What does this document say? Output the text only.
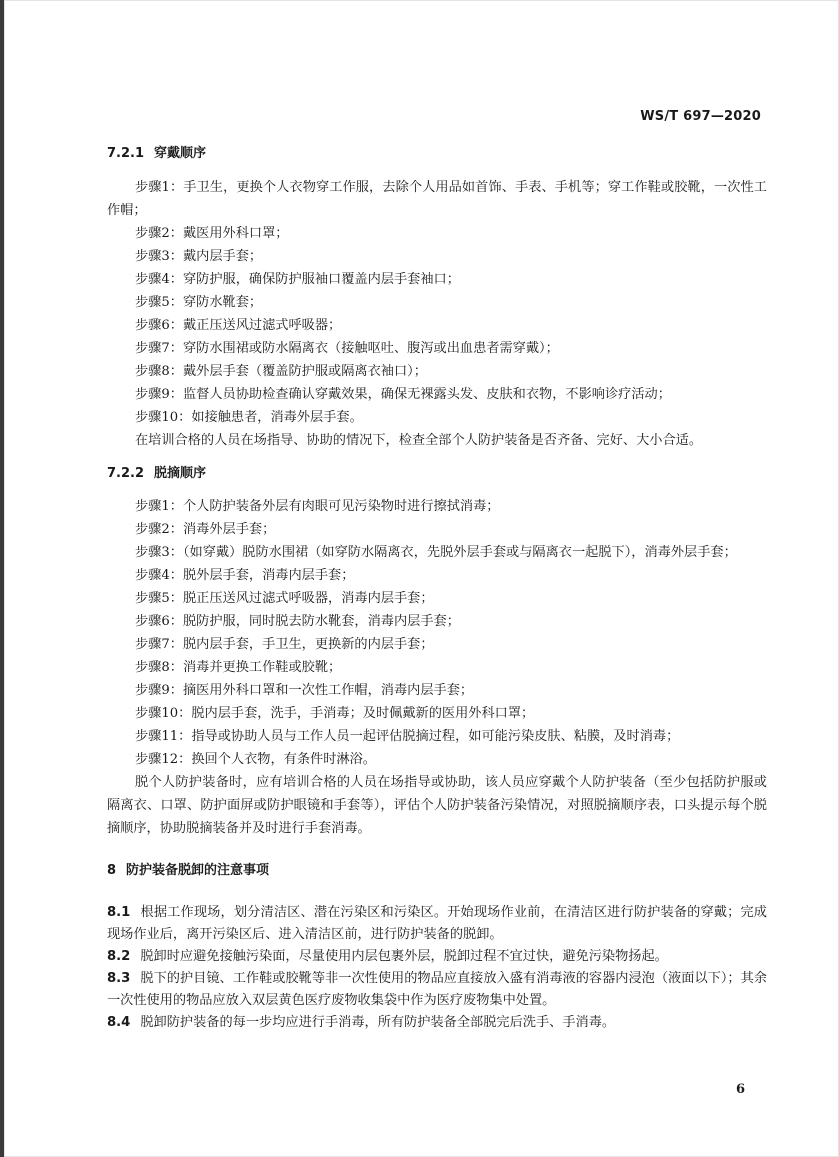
WS/T 697—2020
7.2.1 穿戴顺序
步骤1：手卫生，更换个人衣物穿工作服，去除个人用品如首饰、手表、手机等；穿工作鞋或胶靴，一次性工作帽；
步骤2：戴医用外科口罩；
步骤3：戴内层手套；
步骤4：穿防护服，确保防护服袖口覆盖内层手套袖口；
步骤5：穿防水靴套；
步骤6：戴正压送风过滤式呼吸器；
步骤7：穿防水围裙或防水隔离衣（接触呕吐、腹泻或出血患者需穿戴）；
步骤8：戴外层手套（覆盖防护服或隔离衣袖口）；
步骤9：监督人员协助检查确认穿戴效果，确保无裸露头发、皮肤和衣物，不影响诊疗活动；
步骤10：如接触患者，消毒外层手套。
在培训合格的人员在场指导、协助的情况下，检查全部个人防护装备是否齐备、完好、大小合适。
7.2.2 脱摘顺序
步骤1：个人防护装备外层有肉眼可见污染物时进行擦拭消毒；
步骤2：消毒外层手套；
步骤3：（如穿戴）脱防水围裙（如穿防水隔离衣，先脱外层手套或与隔离衣一起脱下），消毒外层手套；
步骤4：脱外层手套，消毒内层手套；
步骤5：脱正压送风过滤式呼吸器，消毒内层手套；
步骤6：脱防护服，同时脱去防水靴套，消毒内层手套；
步骤7：脱内层手套，手卫生，更换新的内层手套；
步骤8：消毒并更换工作鞋或胶靴；
步骤9：摘医用外科口罩和一次性工作帽，消毒内层手套；
步骤10：脱内层手套，洗手，手消毒；及时佩戴新的医用外科口罩；
步骤11：指导或协助人员与工作人员一起评估脱摘过程，如可能污染皮肤、粘膜，及时消毒；
步骤12：换回个人衣物，有条件时淋浴。
脱个人防护装备时，应有培训合格的人员在场指导或协助，该人员应穿戴个人防护装备（至少包括防护服或隔离衣、口罩、防护面屏或防护眼镜和手套等），评估个人防护装备污染情况，对照脱摘顺序表，口头提示每个脱摘顺序，协助脱摘装备并及时进行手套消毒。
8 防护装备脱卸的注意事项
8.1 根据工作现场，划分清洁区、潜在污染区和污染区。开始现场作业前，在清洁区进行防护装备的穿戴；完成现场作业后，离开污染区后、进入清洁区前，进行防护装备的脱卸。
8.2 脱卸时应避免接触污染面，尽量使用内层包裹外层，脱卸过程不宜过快，避免污染物扬起。
8.3 脱下的护目镜、工作鞋或胶靴等非一次性使用的物品应直接放入盛有消毒液的容器内浸泡（液面以下）；其余一次性使用的物品应放入双层黄色医疗废物收集袋中作为医疗废物集中处置。
8.4 脱卸防护装备的每一步均应进行手消毒，所有防护装备全部脱完后洗手、手消毒。
6
